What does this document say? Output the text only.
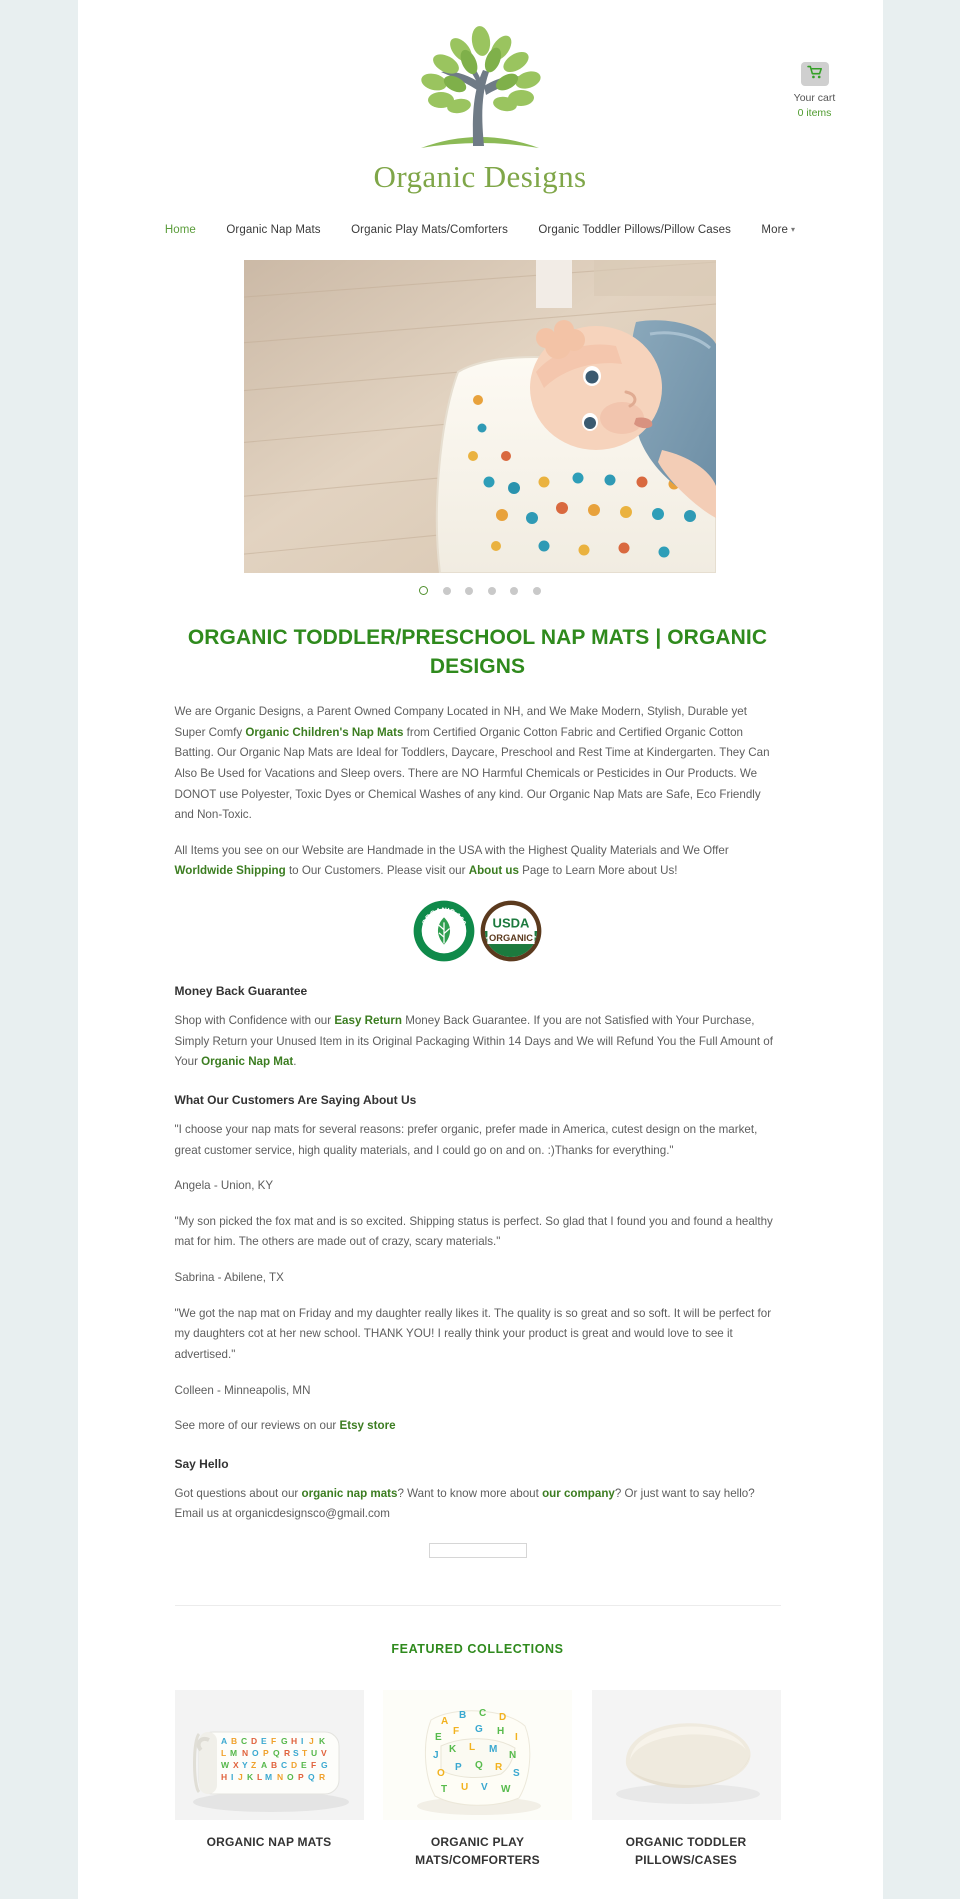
Organic Designs
Your cart
0 items
Home	Organic Nap Mats	Organic Play Mats/Comforters	Organic Toddler Pillows/Pillow Cases	More ▾

ORGANIC TODDLER/PRESCHOOL NAP MATS | ORGANIC DESIGNS

We are Organic Designs, a Parent Owned Company Located in NH, and We Make Modern, Stylish, Durable yet Super Comfy Organic Children's Nap Mats from Certified Organic Cotton Fabric and Certified Organic Cotton Batting. Our Organic Nap Mats are Ideal for Toddlers, Daycare, Preschool and Rest Time at Kindergarten. They Can Also Be Used for Vacations and Sleep overs. There are NO Harmful Chemicals or Pesticides in Our Products. We DONOT use Polyester, Toxic Dyes or Chemical Washes of any kind. Our Organic Nap Mats are Safe, Eco Friendly and Non-Toxic.

All Items you see on our Website are Handmade in the USA with the Highest Quality Materials and We Offer Worldwide Shipping to Our Customers. Please visit our About us Page to Learn More about Us!

ORGANIC 100
content standard

USDA
ORGANIC
Money Back Guarantee

Shop with Confidence with our Easy Return Money Back Guarantee. If you are not Satisfied with Your Purchase, Simply Return your Unused Item in its Original Packaging Within 14 Days and We will Refund You the Full Amount of Your Organic Nap Mat.

What Our Customers Are Saying About Us

"I choose your nap mats for several reasons: prefer organic, prefer made in America, cutest design on the market, great customer service, high quality materials, and I could go on and on. :)Thanks for everything."

Angela - Union, KY

"My son picked the fox mat and is so excited. Shipping status is perfect. So glad that I found you and found a healthy mat for him. The others are made out of crazy, scary materials."

Sabrina - Abilene, TX

"We got the nap mat on Friday and my daughter really likes it. The quality is so great and so soft. It will be perfect for my daughters cot at her new school. THANK YOU! I really think your product is great and would love to see it advertised."

Colleen - Minneapolis, MN

See more of our reviews on our Etsy store

Say Hello

Got questions about our organic nap mats? Want to know more about our company? Or just want to say hello? Email us at organicdesignsco@gmail.com

FEATURED COLLECTIONS
A B C D E F G H I J K
L M N O P Q R S T U V
W X Y Z A B C D E F G
H I J K L M N O P Q R
ORGANIC NAP MATS
A
B C D
E
F G H
I
J
K L M
N
O
P Q R
S
T U V W
ORGANIC PLAY MATS/COMFORTERS
ORGANIC TODDLER PILLOWS/CASES
